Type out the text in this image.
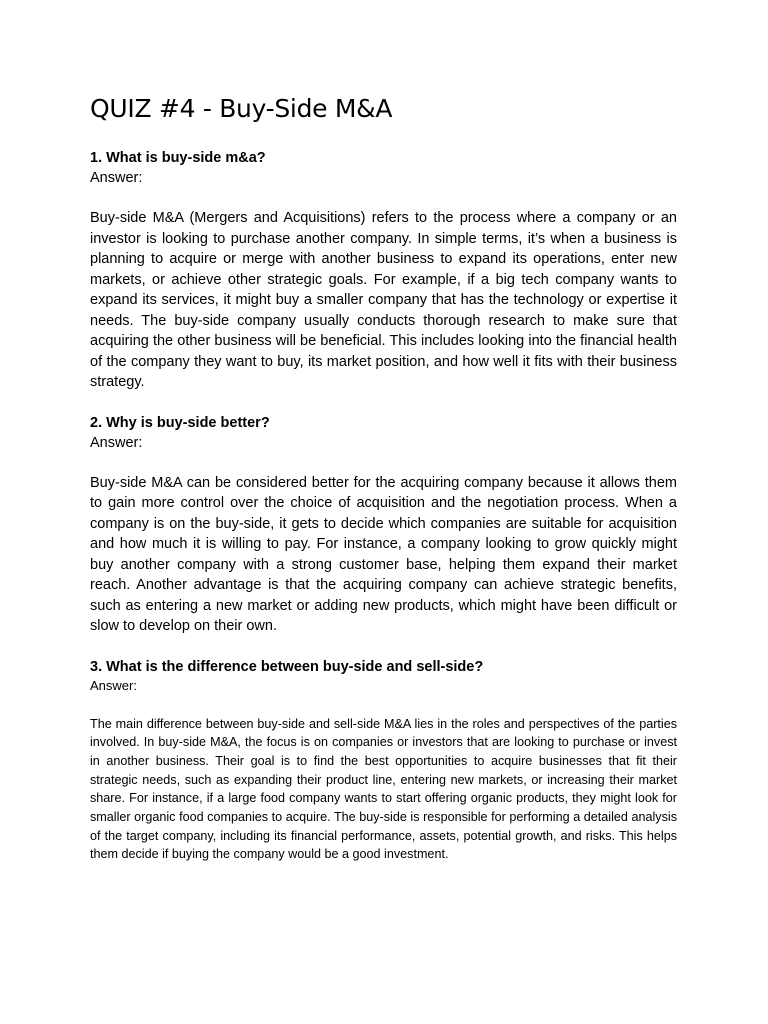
QUIZ #4 - Buy-Side M&A

1. What is buy-side m&a?

Answer:

Buy-side M&A (Mergers and Acquisitions) refers to the process where a company or an investor is looking to purchase another company. In simple terms, it’s when a business is planning to acquire or merge with another business to expand its operations, enter new markets, or achieve other strategic goals. For example, if a big tech company wants to expand its services, it might buy a smaller company that has the technology or expertise it needs. The buy-side company usually conducts thorough research to make sure that acquiring the other business will be beneficial. This includes looking into the financial health of the company they want to buy, its market position, and how well it fits with their business strategy.

2. Why is buy-side better?

Answer:

Buy-side M&A can be considered better for the acquiring company because it allows them to gain more control over the choice of acquisition and the negotiation process. When a company is on the buy-side, it gets to decide which companies are suitable for acquisition and how much it is willing to pay. For instance, a company looking to grow quickly might buy another company with a strong customer base, helping them expand their market reach. Another advantage is that the acquiring company can achieve strategic benefits, such as entering a new market or adding new products, which might have been difficult or slow to develop on their own.

3. What is the difference between buy-side and sell-side?

Answer:

The main difference between buy-side and sell-side M&A lies in the roles and perspectives of the parties involved. In buy-side M&A, the focus is on companies or investors that are looking to purchase or invest in another business. Their goal is to find the best opportunities to acquire businesses that fit their strategic needs, such as expanding their product line, entering new markets, or increasing their market share. For instance, if a large food company wants to start offering organic products, they might look for smaller organic food companies to acquire. The buy-side is responsible for performing a detailed analysis of the target company, including its financial performance, assets, potential growth, and risks. This helps them decide if buying the company would be a good investment.
